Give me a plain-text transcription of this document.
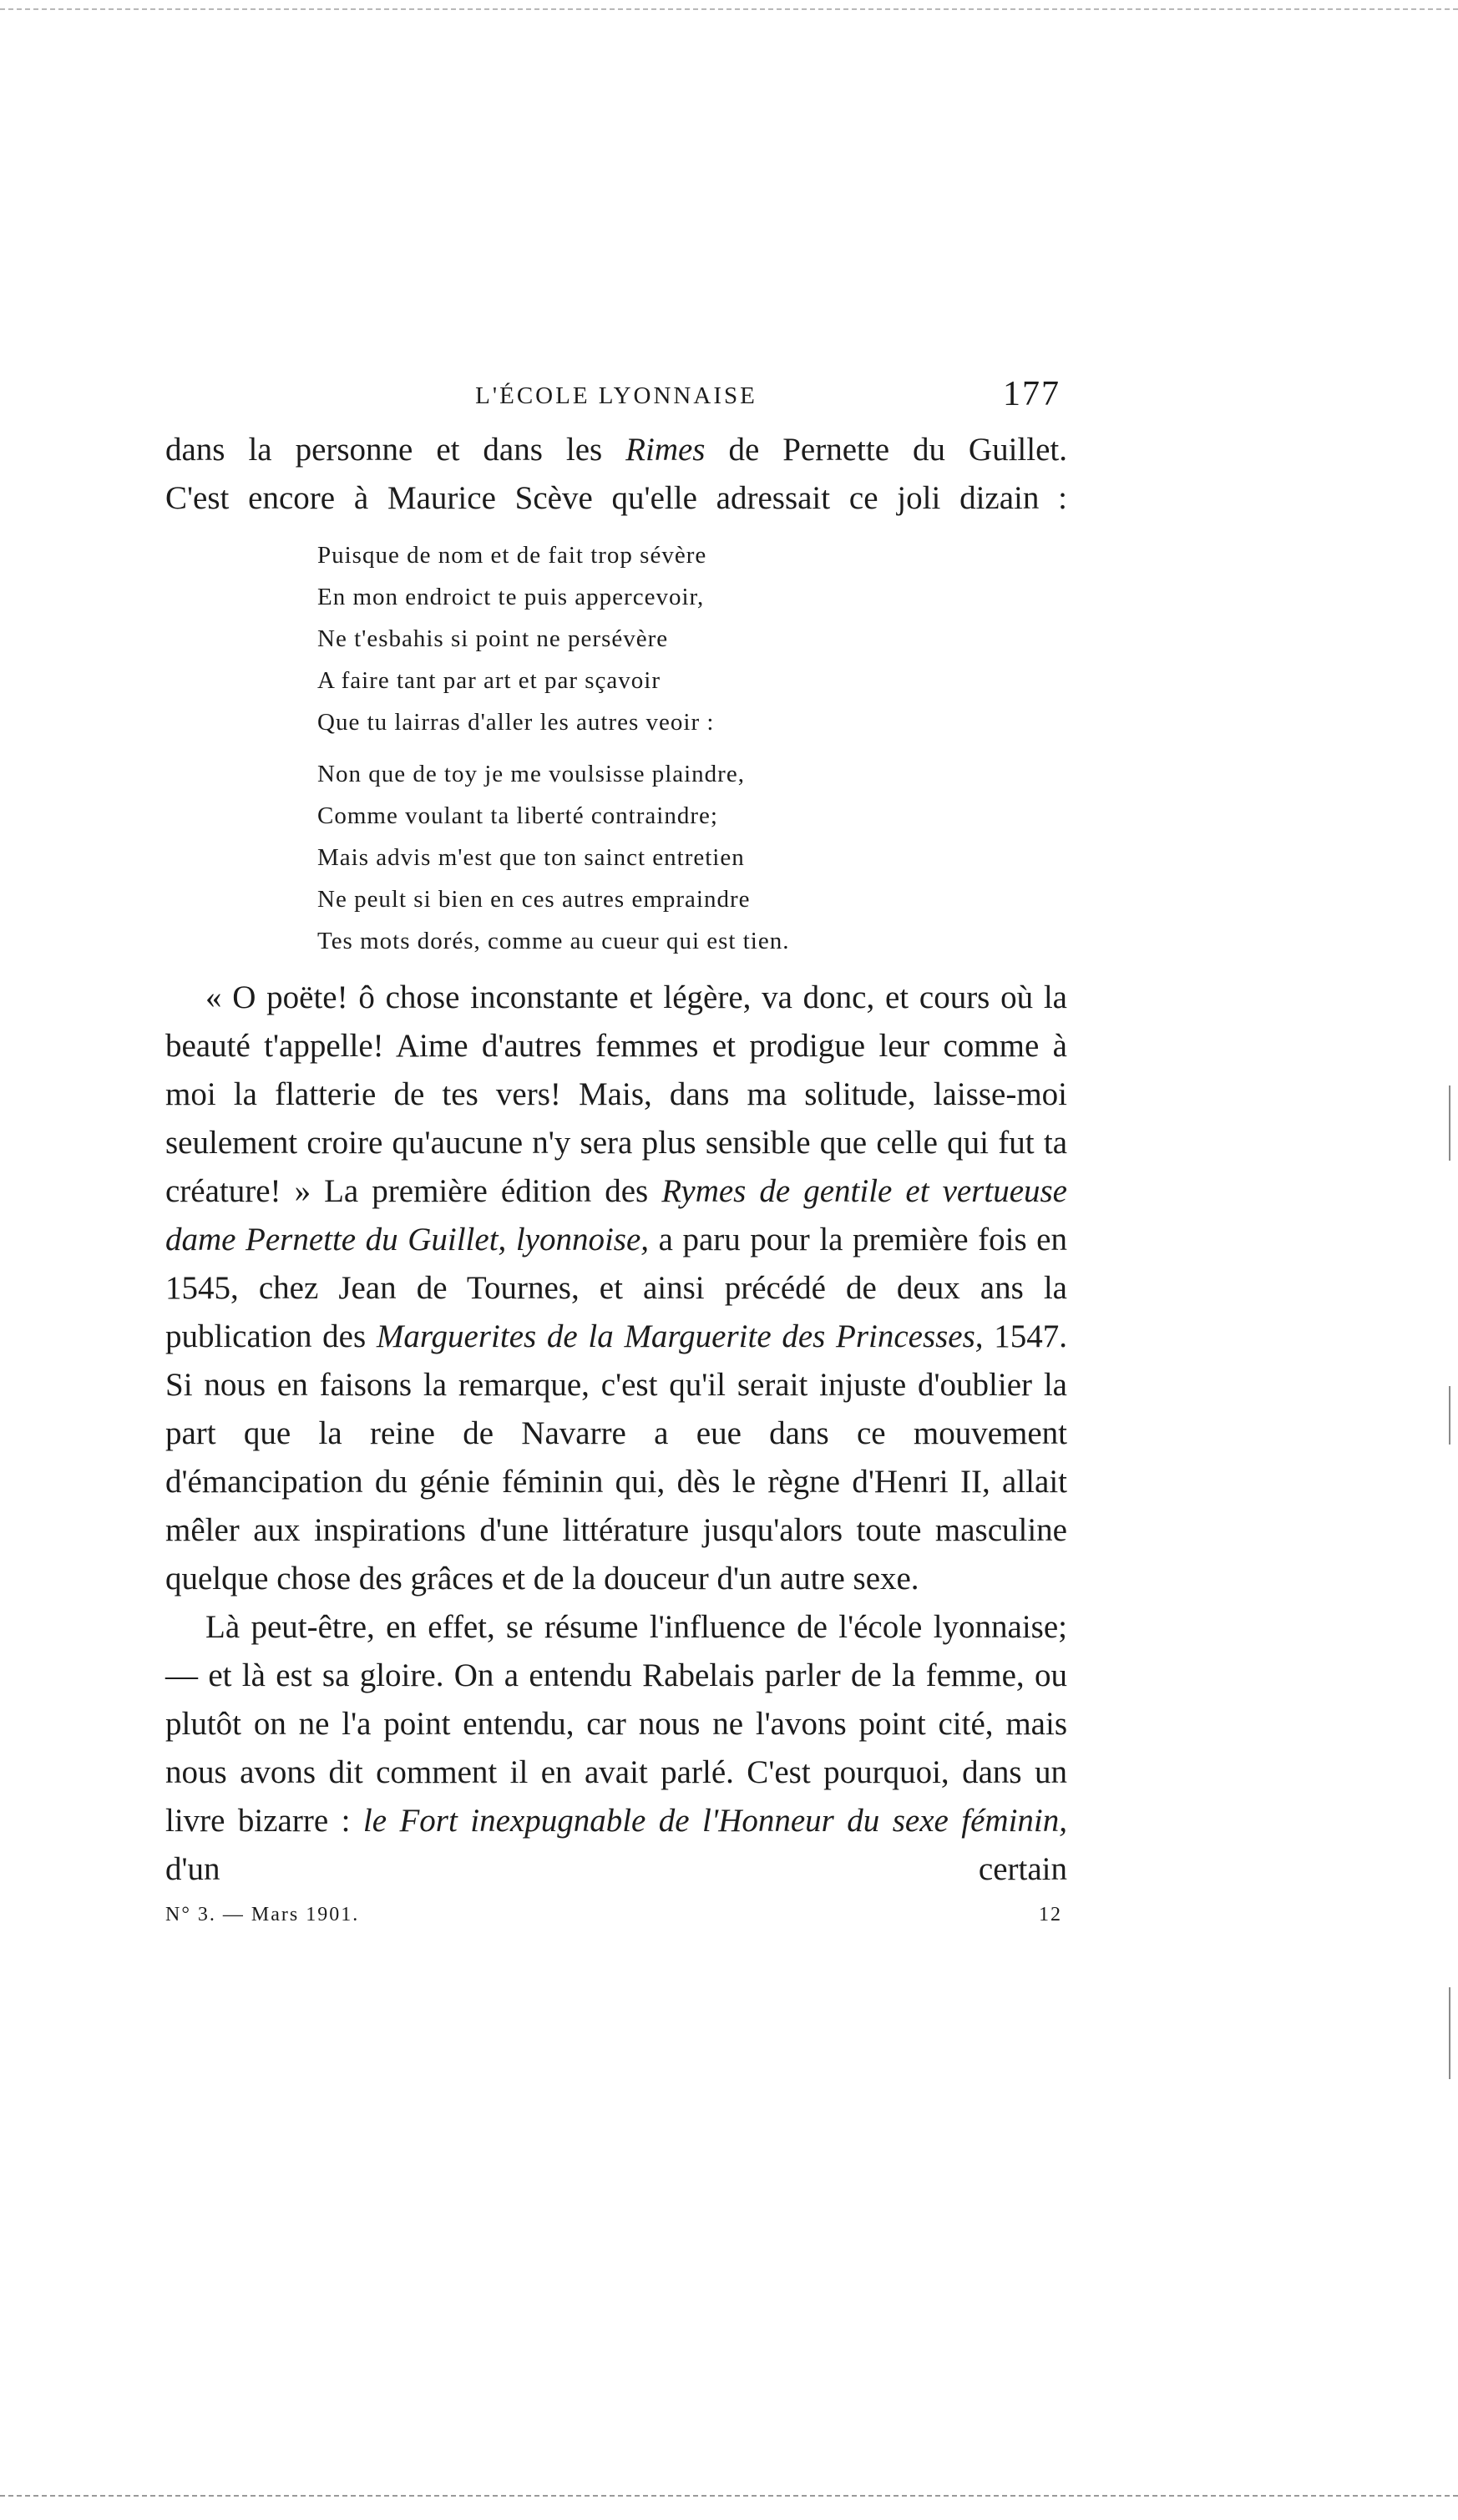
L'ÉCOLE LYONNAISE	177

dans la personne et dans les Rimes de Pernette du Guillet.

C'est encore à Maurice Scève qu'elle adressait ce joli dizain :

Puisque de nom et de fait trop sévère
En mon endroict te puis appercevoir,
Ne t'esbahis si point ne persévère
A faire tant par art et par sçavoir
Que tu lairras d'aller les autres veoir :
Non que de toy je me voulsisse plaindre,
Comme voulant ta liberté contraindre;
Mais advis m'est que ton sainct entretien
Ne peult si bien en ces autres empraindre
Tes mots dorés, comme au cueur qui est tien.

« O poëte! ô chose inconstante et légère, va donc, et cours où la beauté t'appelle! Aime d'autres femmes et prodigue leur comme à moi la flatterie de tes vers! Mais, dans ma solitude, laisse-moi seulement croire qu'aucune n'y sera plus sensible que celle qui fut ta créature! » La première édition des Rymes de gentile et vertueuse dame Pernette du Guillet, lyonnoise, a paru pour la première fois en 1545, chez Jean de Tournes, et ainsi précédé de deux ans la publication des Marguerites de la Marguerite des Princesses, 1547. Si nous en faisons la remarque, c'est qu'il serait injuste d'oublier la part que la reine de Navarre a eue dans ce mouvement d'émancipation du génie féminin qui, dès le règne d'Henri II, allait mêler aux inspirations d'une littérature jusqu'alors toute masculine quelque chose des grâces et de la douceur d'un autre sexe.

Là peut-être, en effet, se résume l'influence de l'école lyonnaise; — et là est sa gloire. On a entendu Rabelais parler de la femme, ou plutôt on ne l'a point entendu, car nous ne l'avons point cité, mais nous avons dit comment il en avait parlé. C'est pourquoi, dans un livre bizarre : le Fort inexpugnable de l'Honneur du sexe féminin, d'un certain

N° 3. — Mars 1901.	12
